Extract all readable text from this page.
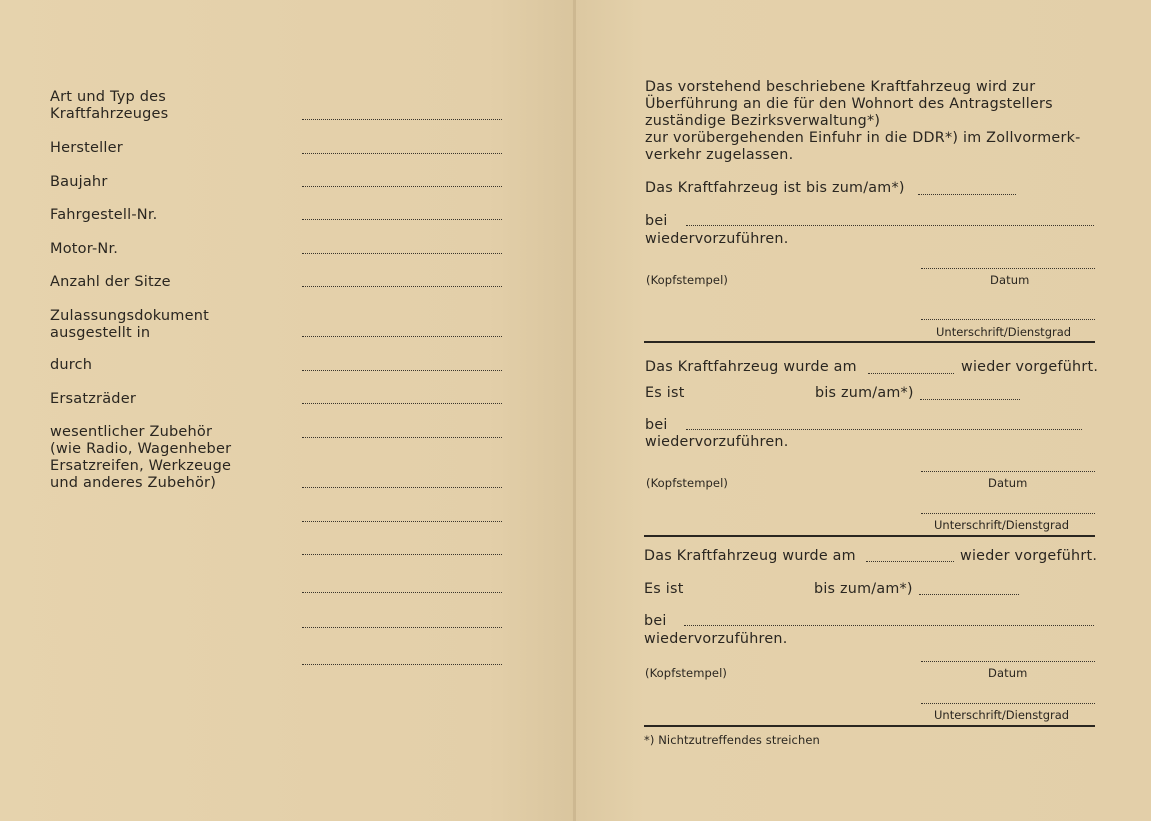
Art und Typ des
Kraftfahrzeuges
Hersteller
Baujahr
Fahrgestell-Nr.
Motor-Nr.
Anzahl der Sitze
Zulassungsdokument
ausgestellt in
durch
Ersatzräder
wesentlicher Zubehör
(wie Radio, Wagenheber
Ersatzreifen, Werkzeuge
und anderes Zubehör)
Das vorstehend beschriebene Kraftfahrzeug wird zur
Überführung an die für den Wohnort des Antragstellers
zuständige Bezirksverwaltung*)
zur vorübergehenden Einfuhr in die DDR*) im Zollvormerk-
verkehr zugelassen.
Das Kraftfahrzeug ist bis zum/am*)
bei
wiedervorzuführen.
(Kopfstempel)	Datum
Unterschrift/Dienstgrad
Das Kraftfahrzeug wurde am	wieder vorgeführt.
Es ist	bis zum/am*)
bei
wiedervorzuführen.
(Kopfstempel)	Datum
Unterschrift/Dienstgrad
Das Kraftfahrzeug wurde am	wieder vorgeführt.
Es ist	bis zum/am*)
bei
wiedervorzuführen.
(Kopfstempel)	Datum
Unterschrift/Dienstgrad
*) Nichtzutreffendes streichen
